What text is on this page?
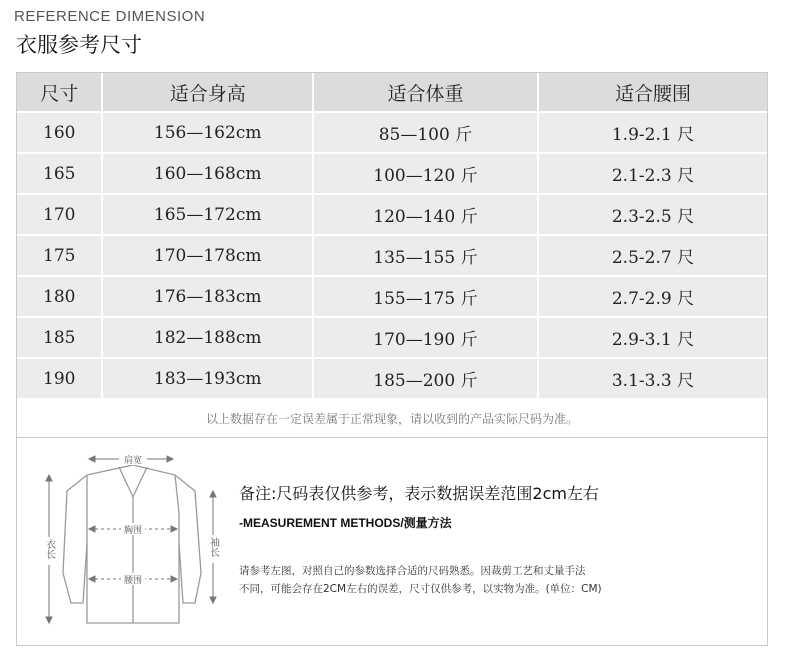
REFERENCE DIMENSION
衣服参考尺寸
尺寸	适合身高	适合体重	适合腰围
160	156—162cm	85—100 斤	1.9-2.1 尺
165	160—168cm	100—120 斤	2.1-2.3 尺
170	165—172cm	120—140 斤	2.3-2.5 尺
175	170—178cm	135—155 斤	2.5-2.7 尺
180	176—183cm	155—175 斤	2.7-2.9 尺
185	182—188cm	170—190 斤	2.9-3.1 尺
190	183—193cm	185—200 斤	3.1-3.3 尺
以上数据存在一定误差属于正常现象，请以收到的产品实际尺码为准。
肩宽
胸围
腰围
衣长	袖长
备注:尺码表仅供参考，表示数据误差范围2cm左右
-MEASUREMENT METHODS/测量方法
请参考左图，对照自己的参数选择合适的尺码熟悉。因裁剪工艺和丈量手法
不同，可能会存在2CM左右的误差，尺寸仅供参考，以实物为准。(单位：CM)
